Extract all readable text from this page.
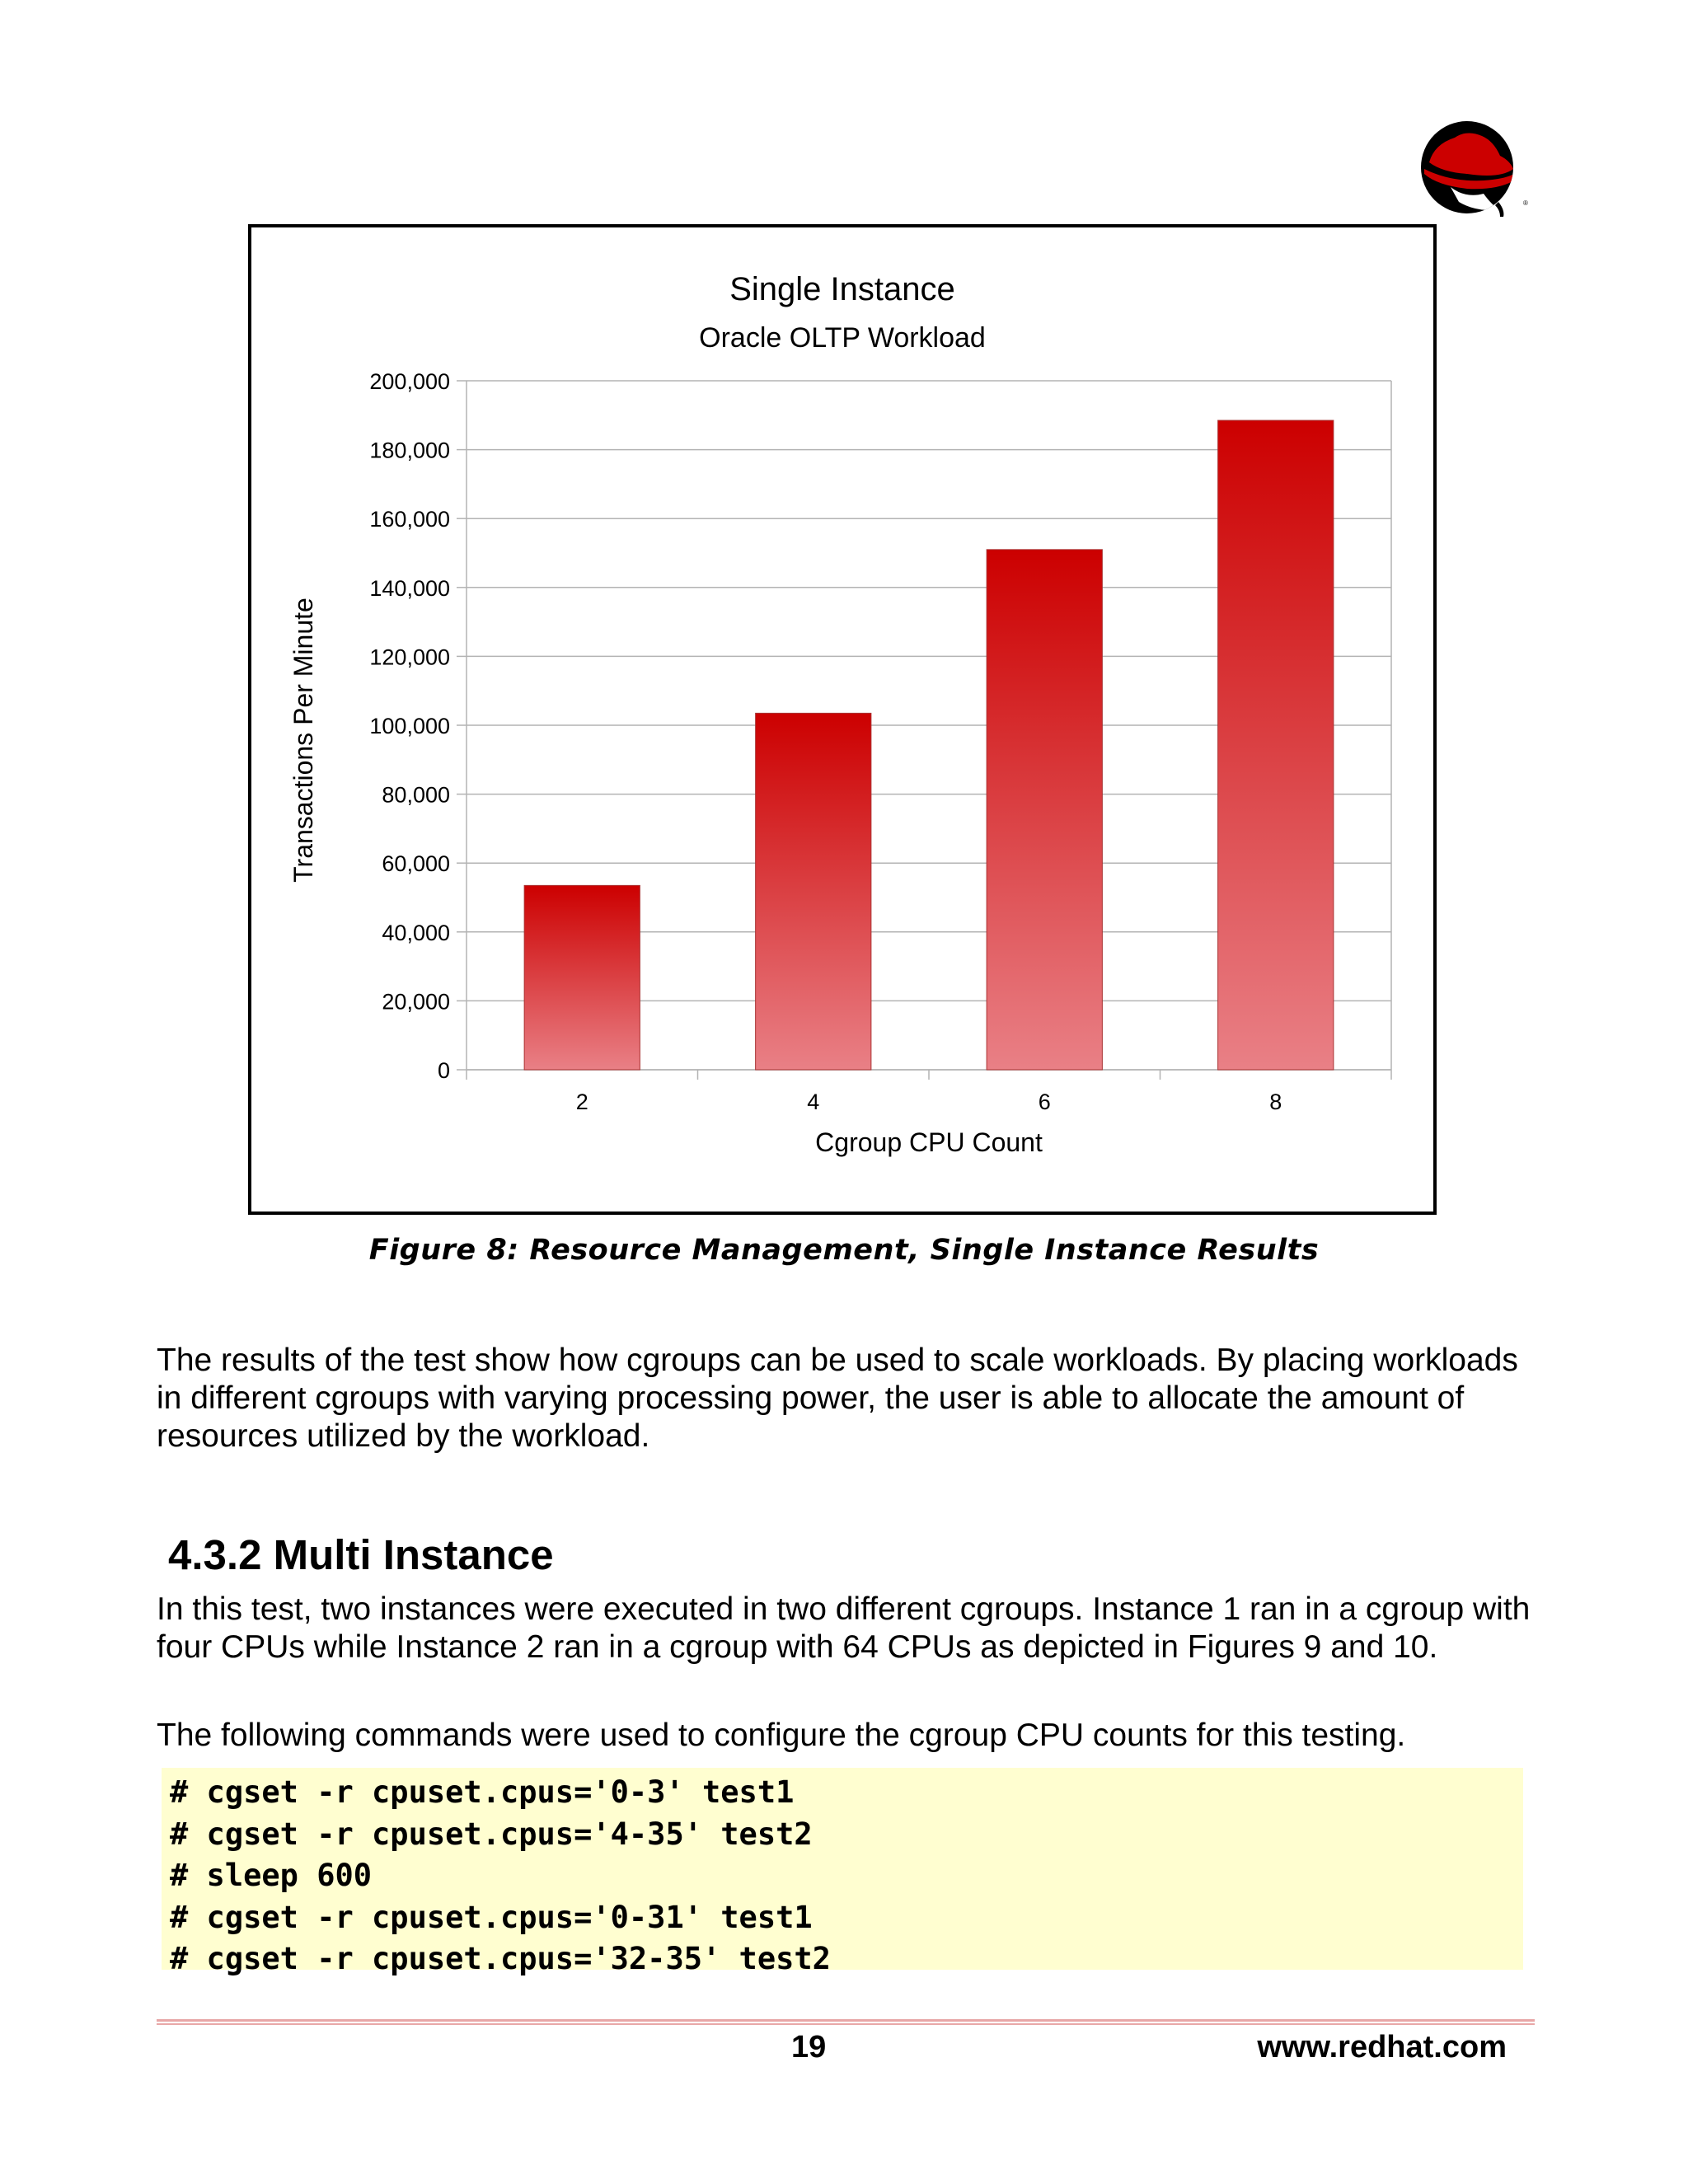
®
Single Instance
Oracle OLTP Workload
0
20,000
40,000
60,000
80,000
100,000
120,000
140,000
160,000
180,000
200,000
2	4	6	8
Cgroup CPU Count
Transactions Per Minute
Figure 8: Resource Management, Single Instance Results

The results of the test show how cgroups can be used to scale workloads. By placing workloads in different cgroups with varying processing power, the user is able to allocate the amount of resources utilized by the workload.

4.3.2 Multi Instance

In this test, two instances were executed in two different cgroups. Instance 1 ran in a cgroup with four CPUs while Instance 2 ran in a cgroup with 64 CPUs as depicted in Figures 9 and 10.

The following commands were used to configure the cgroup CPU counts for this testing.

# cgset -r cpuset.cpus='0-3' test1
# cgset -r cpuset.cpus='4-35' test2
# sleep 600
# cgset -r cpuset.cpus='0-31' test1
# cgset -r cpuset.cpus='32-35' test2
19	www.redhat.com
